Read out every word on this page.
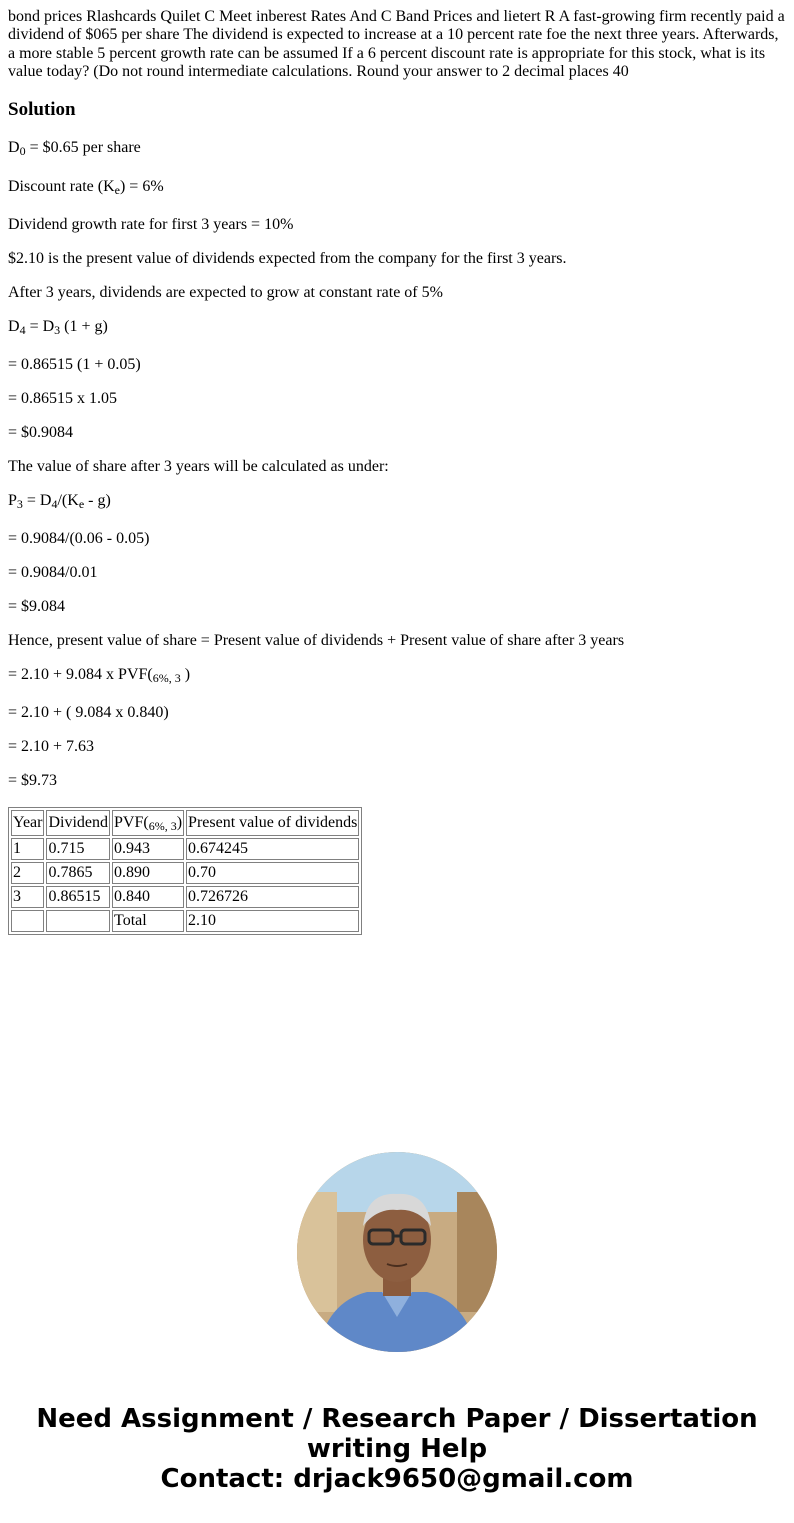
bond prices Rlashcards Quilet C Meet inberest Rates And C Band Prices and lietert R A fast-growing firm recently paid a dividend of $065 per share The dividend is expected to increase at a 10 percent rate foe the next three years. Afterwards, a more stable 5 percent growth rate can be assumed If a 6 percent discount rate is appropriate for this stock, what is its value today? (Do not round intermediate calculations. Round your answer to 2 decimal places 40

Solution

$D_0$ = $0.65 per share

Discount rate $(K_e) = 6\%$

Dividend growth rate for first 3 years = 10%

$2.10 is the present value of dividends expected from the company for the first 3 years.

After 3 years, dividends are expected to grow at constant rate of 5%

$D_4 = D_3$ (1 + g)

= 0.86515 (1 + 0.05)

= 0.86515 x 1.05

= $0.9084

The value of share after 3 years will be calculated as under:

$P_3 = D_4/(K_e - g)$

= 0.9084/(0.06 - 0.05)

= 0.9084/0.01

= $9.084

Hence, present value of share = Present value of dividends + Present value of share after 3 years

= 2.10 + 9.084 x $PVF(_{6\%, 3}$ )

= 2.10 + ( 9.084 x 0.840)

= 2.10 + 7.63

= $9.73

Year	Dividend	$PVF(_{6\%, 3})$	Present value of dividends
1	0.715	0.943	0.674245
2	0.7865	0.890	0.70
3	0.86515	0.840	0.726726
		Total	2.10
Need Assignment / Research Paper / Dissertation
writing Help
Contact: drjack9650@gmail.com
